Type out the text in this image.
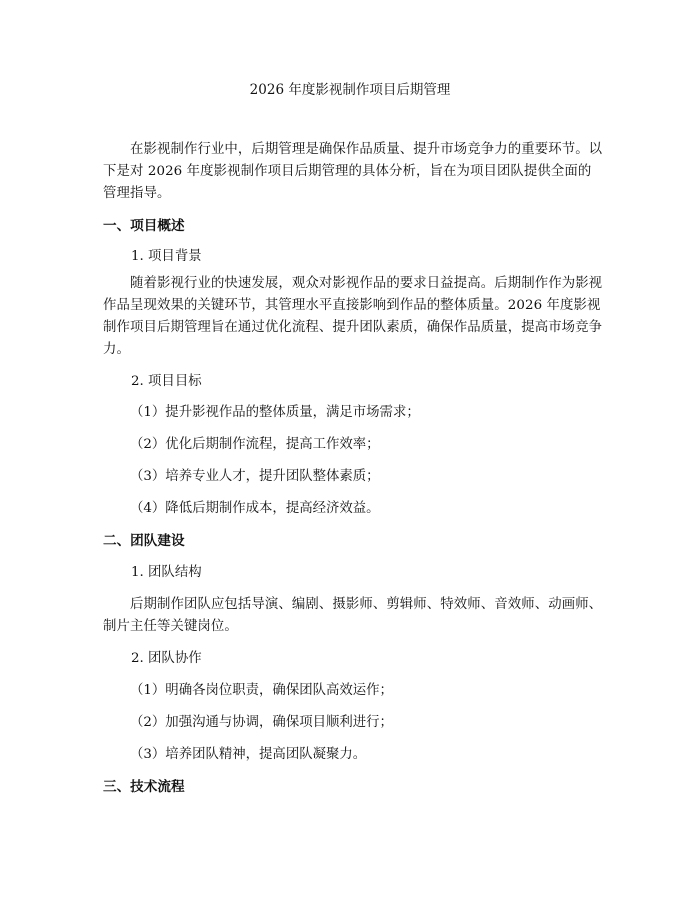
2026 年度影视制作项目后期管理

在影视制作行业中，后期管理是确保作品质量、提升市场竞争力的重要环节。以下是对 2026 年度影视制作项目后期管理的具体分析，旨在为项目团队提供全面的管理指导。

一、项目概述
1. 项目背景

随着影视行业的快速发展，观众对影视作品的要求日益提高。后期制作作为影视作品呈现效果的关键环节，其管理水平直接影响到作品的整体质量。2026 年度影视制作项目后期管理旨在通过优化流程、提升团队素质，确保作品质量，提高市场竞争力。

2. 项目目标
（1）提升影视作品的整体质量，满足市场需求；
（2）优化后期制作流程，提高工作效率；
（3）培养专业人才，提升团队整体素质；
（4）降低后期制作成本，提高经济效益。
二、团队建设
1. 团队结构

后期制作团队应包括导演、编剧、摄影师、剪辑师、特效师、音效师、动画师、制片主任等关键岗位。

2. 团队协作
（1）明确各岗位职责，确保团队高效运作；
（2）加强沟通与协调，确保项目顺利进行；
（3）培养团队精神，提高团队凝聚力。
三、技术流程
